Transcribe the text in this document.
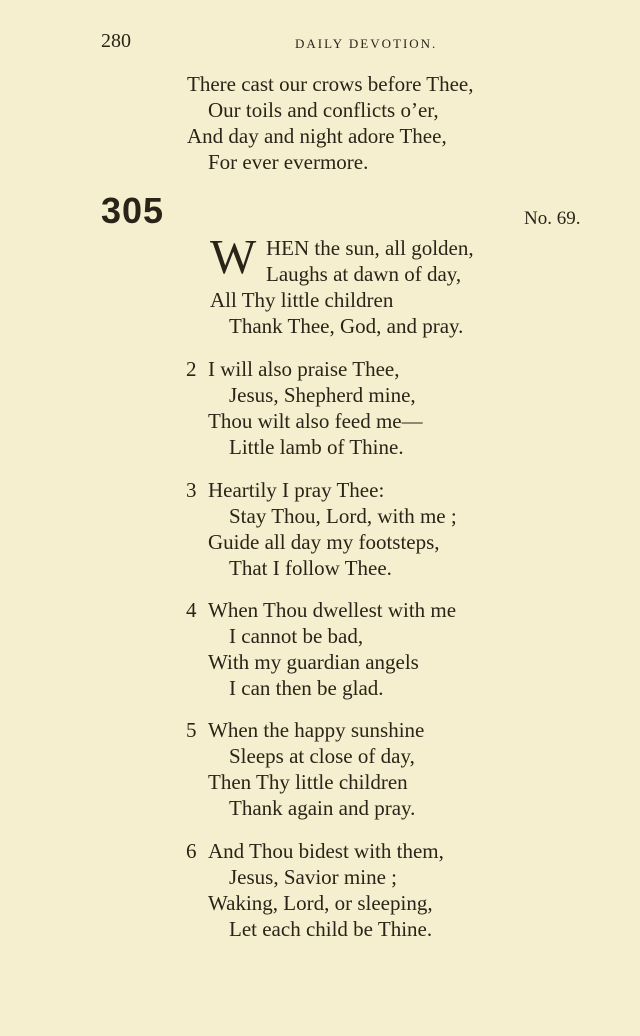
280	DAILY DEVOTION.
There cast our crows before Thee,
Our toils and conflicts o’er,
And day and night adore Thee,
For ever evermore.
305	No. 69.
W HEN the sun, all golden,
Laughs at dawn of day,
All Thy little children
Thank Thee, God, and pray.
2 I will also praise Thee,
Jesus, Shepherd mine,
Thou wilt also feed me—
Little lamb of Thine.
3 Heartily I pray Thee:
Stay Thou, Lord, with me ;
Guide all day my footsteps,
That I follow Thee.
4 When Thou dwellest with me
I cannot be bad,
With my guardian angels
I can then be glad.
5 When the happy sunshine
Sleeps at close of day,
Then Thy little children
Thank again and pray.
6 And Thou bidest with them,
Jesus, Savior mine ;
Waking, Lord, or sleeping,
Let each child be Thine.
